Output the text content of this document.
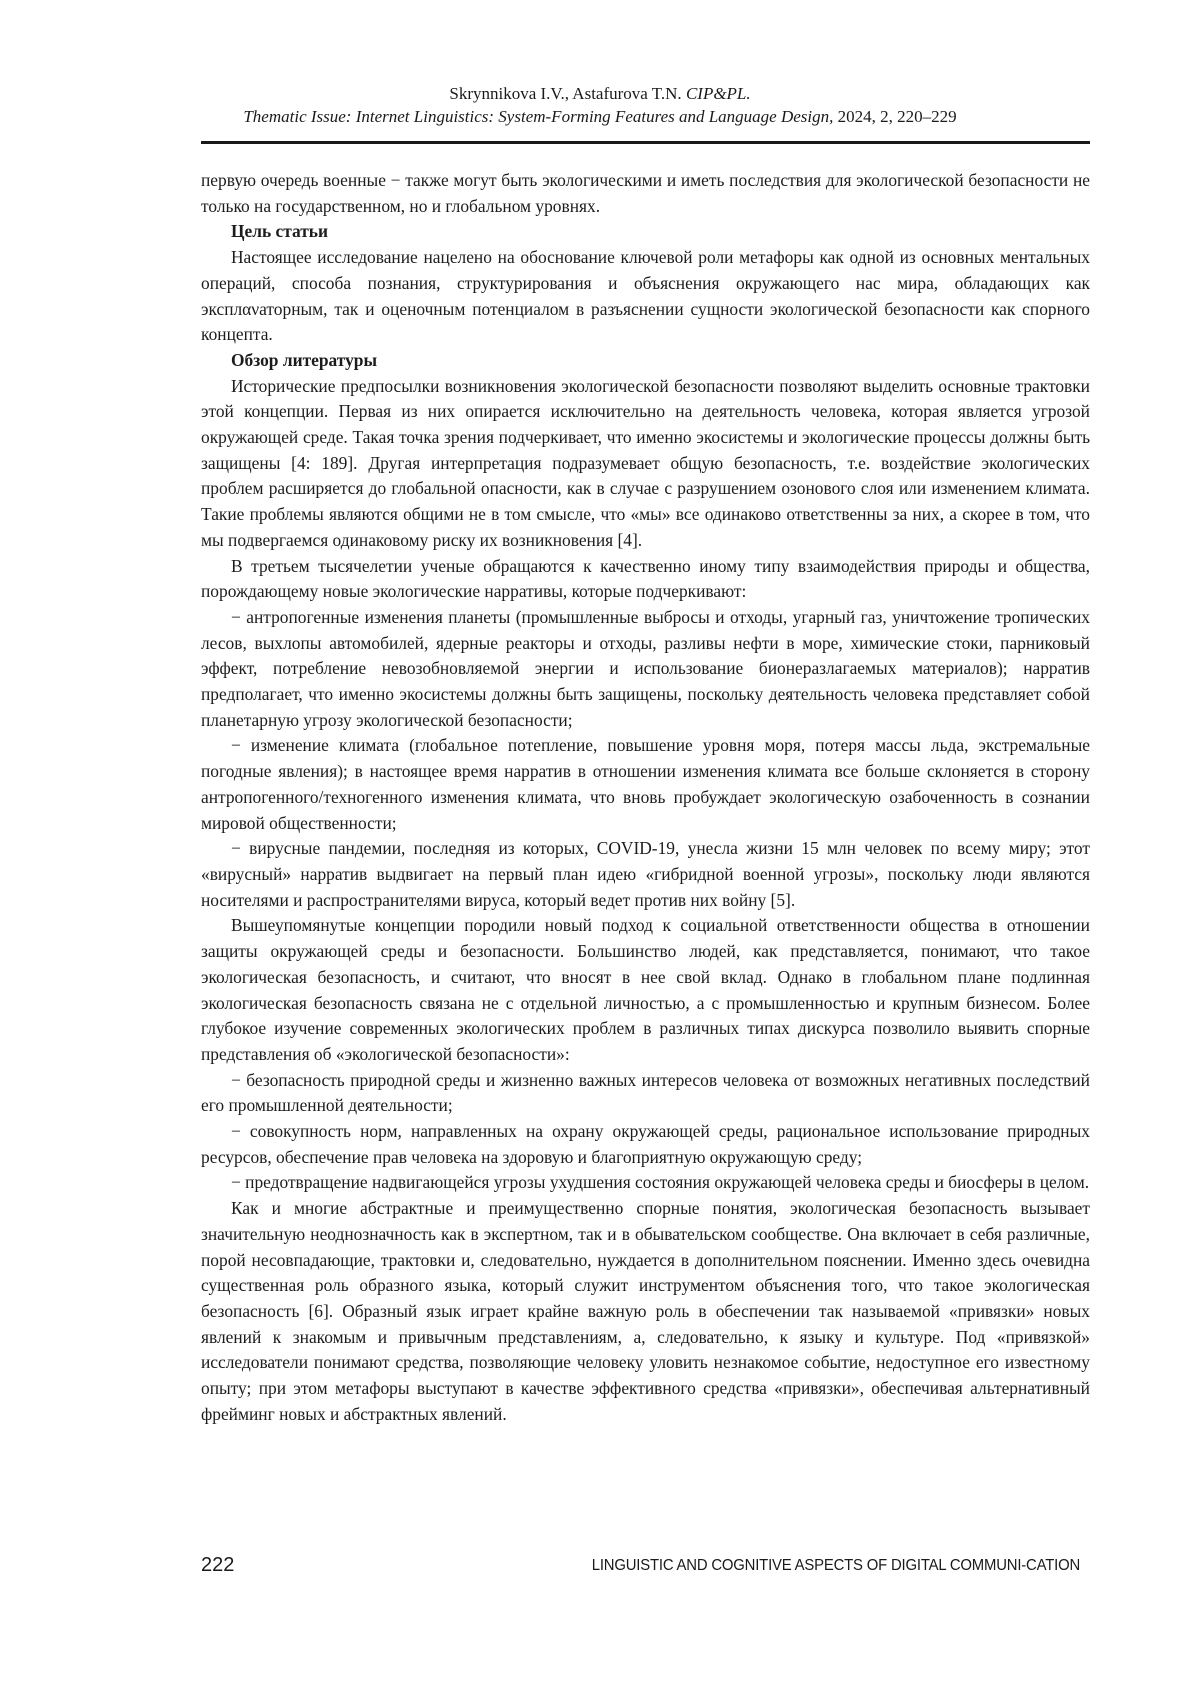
Skrynnikova I.V., Astafurova T.N. CIP&PL.
Thematic Issue: Internet Linguistics: System-Forming Features and Language Design, 2024, 2, 220–229

первую очередь военные − также могут быть экологическими и иметь последствия для экологической безопасности не только на государственном, но и глобальном уровнях.

Цель статьи

Настоящее исследование нацелено на обоснование ключевой роли метафоры как одной из основных ментальных операций, способа познания, структурирования и объяснения окружающего нас мира, обладающих как эксплανаторным, так и оценочным потенциалом в разъяснении сущности экологической безопасности как спорного концепта.

Обзор литературы

Исторические предпосылки возникновения экологической безопасности позволяют выделить основные трактовки этой концепции. Первая из них опирается исключительно на деятельность человека, которая является угрозой окружающей среде. Такая точка зрения подчеркивает, что именно экосистемы и экологические процессы должны быть защищены [4: 189]. Другая интерпретация подразумевает общую безопасность, т.е. воздействие экологических проблем расширяется до глобальной опасности, как в случае с разрушением озонового слоя или изменением климата. Такие проблемы являются общими не в том смысле, что «мы» все одинаково ответственны за них, а скорее в том, что мы подвергаемся одинаковому риску их возникновения [4].

В третьем тысячелетии ученые обращаются к качественно иному типу взаимодействия природы и общества, порождающему новые экологические нарративы, которые подчеркивают:

− антропогенные изменения планеты (промышленные выбросы и отходы, угарный газ, уничтожение тропических лесов, выхлопы автомобилей, ядерные реакторы и отходы, разливы нефти в море, химические стоки, парниковый эффект, потребление невозобновляемой энергии и использование бионеразлагаемых материалов); нарратив предполагает, что именно экосистемы должны быть защищены, поскольку деятельность человека представляет собой планетарную угрозу экологической безопасности;

− изменение климата (глобальное потепление, повышение уровня моря, потеря массы льда, экстремальные погодные явления); в настоящее время нарратив в отношении изменения климата все больше склоняется в сторону антропогенного/техногенного изменения климата, что вновь пробуждает экологическую озабоченность в сознании мировой общественности;

− вирусные пандемии, последняя из которых, COVID-19, унесла жизни 15 млн человек по всему миру; этот «вирусный» нарратив выдвигает на первый план идею «гибридной военной угрозы», поскольку люди являются носителями и распространителями вируса, который ведет против них войну [5].

Вышеупомянутые концепции породили новый подход к социальной ответственности общества в отношении защиты окружающей среды и безопасности. Большинство людей, как представляется, понимают, что такое экологическая безопасность, и считают, что вносят в нее свой вклад. Однако в глобальном плане подлинная экологическая безопасность связана не с отдельной личностью, а с промышленностью и крупным бизнесом. Более глубокое изучение современных экологических проблем в различных типах дискурса позволило выявить спорные представления об «экологической безопасности»:

− безопасность природной среды и жизненно важных интересов человека от возможных негативных последствий его промышленной деятельности;

− совокупность норм, направленных на охрану окружающей среды, рациональное использование природных ресурсов, обеспечение прав человека на здоровую и благоприятную окружающую среду;

− предотвращение надвигающейся угрозы ухудшения состояния окружающей человека среды и биосферы в целом.

Как и многие абстрактные и преимущественно спорные понятия, экологическая безопасность вызывает значительную неоднозначность как в экспертном, так и в обывательском сообществе. Она включает в себя различные, порой несовпадающие, трактовки и, следовательно, нуждается в дополнительном пояснении. Именно здесь очевидна существенная роль образного языка, который служит инструментом объяснения того, что такое экологическая безопасность [6]. Образный язык играет крайне важную роль в обеспечении так называемой «привязки» новых явлений к знакомым и привычным представлениям, а, следовательно, к языку и культуре. Под «привязкой» исследователи понимают средства, позволяющие человеку уловить незнакомое событие, недоступное его известному опыту; при этом метафоры выступают в качестве эффективного средства «привязки», обеспечивая альтернативный фрейминг новых и абстрактных явлений.

222	LINGUISTIC AND COGNITIVE ASPECTS OF DIGITAL COMMUNI-CATION
